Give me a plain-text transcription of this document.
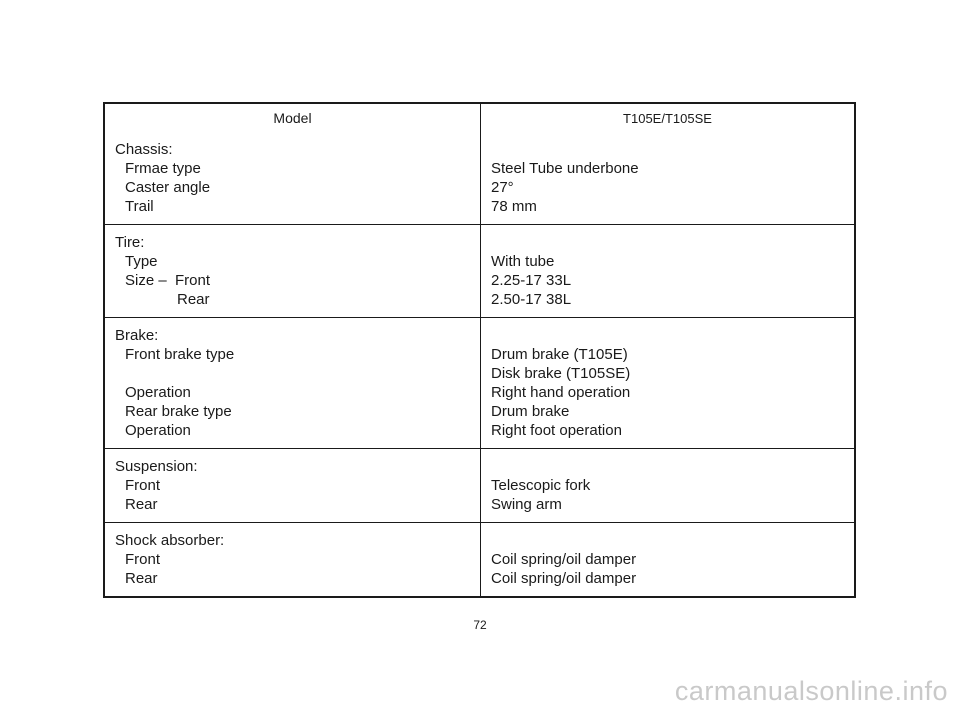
Model	T105E/T105SE
Chassis:
Frmae type
Caster angle
Trail
Steel Tube underbone
27°
78 mm
Tire:
Type
Size –  Front
Rear
With tube
2.25-17 33L
2.50-17 38L
Brake:
Front brake type
Operation
Rear brake type
Operation
Drum brake (T105E)
Disk brake (T105SE)
Right hand operation
Drum brake
Right foot operation
Suspension:
Front
Rear
Telescopic fork
Swing arm
Shock absorber:
Front
Rear
Coil spring/oil damper
Coil spring/oil damper
72
carmanualsonline.info
